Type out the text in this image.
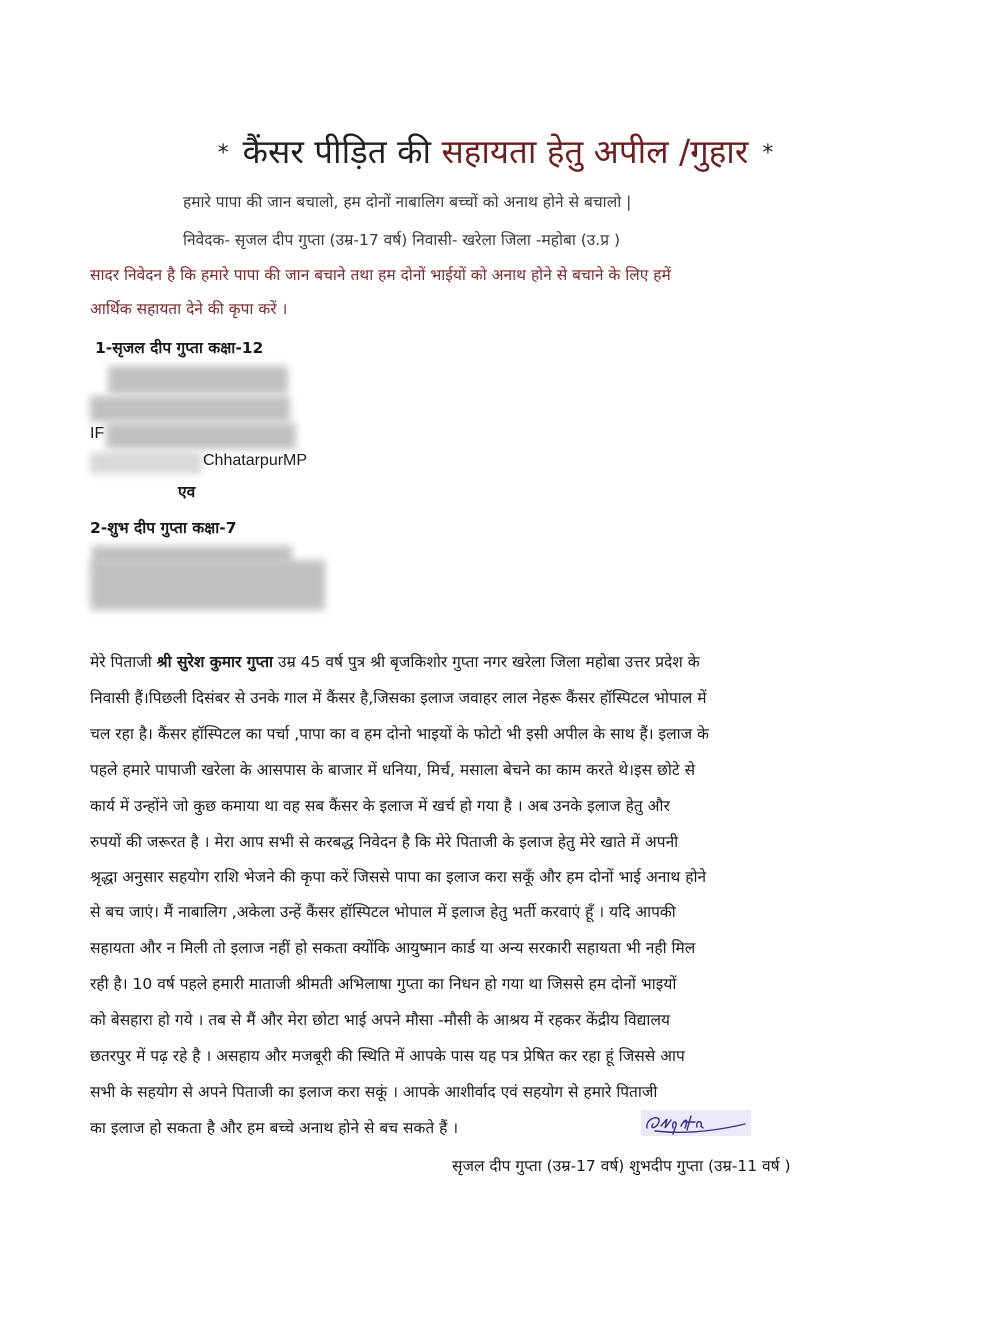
* कैंसर पीड़ित की सहायता हेतु अपील /गुहार *
हमारे पापा की जान बचालो, हम दोनों नाबालिग बच्चों को अनाथ होने से बचालो |
निवेदक- सृजल दीप गुप्ता (उम्र-17 वर्ष) निवासी- खरेला जिला -महोबा (उ.प्र )
सादर निवेदन है कि हमारे पापा की जान बचाने तथा हम दोनों भाईयों को अनाथ होने से बचाने के लिए हमें
आर्थिक सहायता देने की कृपा करें ।
1-सृजल दीप गुप्ता कक्षा-12
IF
ChhatarpurMP
एव
2-शुभ दीप गुप्ता कक्षा-7
मेरे पिताजी श्री सुरेश कुमार गुप्ता उम्र 45 वर्ष पुत्र श्री बृजकिशोर गुप्ता नगर खरेला जिला महोबा उत्तर प्रदेश के
निवासी हैं।पिछली दिसंबर से उनके गाल में कैंसर है,जिसका इलाज जवाहर लाल नेहरू कैंसर हॉस्पिटल भोपाल में
चल रहा है। कैंसर हॉस्पिटल का पर्चा ,पापा का व हम दोनो भाइयों के फोटो भी इसी अपील के साथ हैं। इलाज के
पहले हमारे पापाजी खरेला के आसपास के बाजार में धनिया, मिर्च, मसाला बेचने का काम करते थे।इस छोटे से
कार्य में उन्होंने जो कुछ कमाया था वह सब कैंसर के इलाज में खर्च हो गया है । अब उनके इलाज हेतु और
रुपयों की जरूरत है । मेरा आप सभी से करबद्ध निवेदन है कि मेरे पिताजी के इलाज हेतु मेरे खाते में अपनी
श्रृद्धा अनुसार सहयोग राशि भेजने की कृपा करें जिससे पापा का इलाज करा सकूँ और हम दोनों भाई अनाथ होने
से बच जाएं। मैं नाबालिग ,अकेला उन्हें कैंसर हॉस्पिटल भोपाल में इलाज हेतु भर्ती करवाएं हूँ । यदि आपकी
सहायता और न मिली तो इलाज नहीं हो सकता क्योंकि आयुष्मान कार्ड या अन्य सरकारी सहायता भी नही मिल
रही है। 10 वर्ष पहले हमारी माताजी श्रीमती अभिलाषा गुप्ता का निधन हो गया था जिससे हम दोनों भाइयों
को बेसहारा हो गये । तब से मैं और मेरा छोटा भाई अपने मौसा -मौसी के आश्रय में रहकर केंद्रीय विद्यालय
छतरपुर में पढ़ रहे है । असहाय और मजबूरी की स्थिति में आपके पास यह पत्र प्रेषित कर रहा हूं जिससे आप
सभी के सहयोग से अपने पिताजी का इलाज करा सकूं । आपके आशीर्वाद एवं सहयोग से हमारे पिताजी
का इलाज हो सकता है और हम बच्चे अनाथ होने से बच सकते हैं ।
सृजल दीप गुप्ता (उम्र-17 वर्ष) शुभदीप गुप्ता (उम्र-11 वर्ष )
